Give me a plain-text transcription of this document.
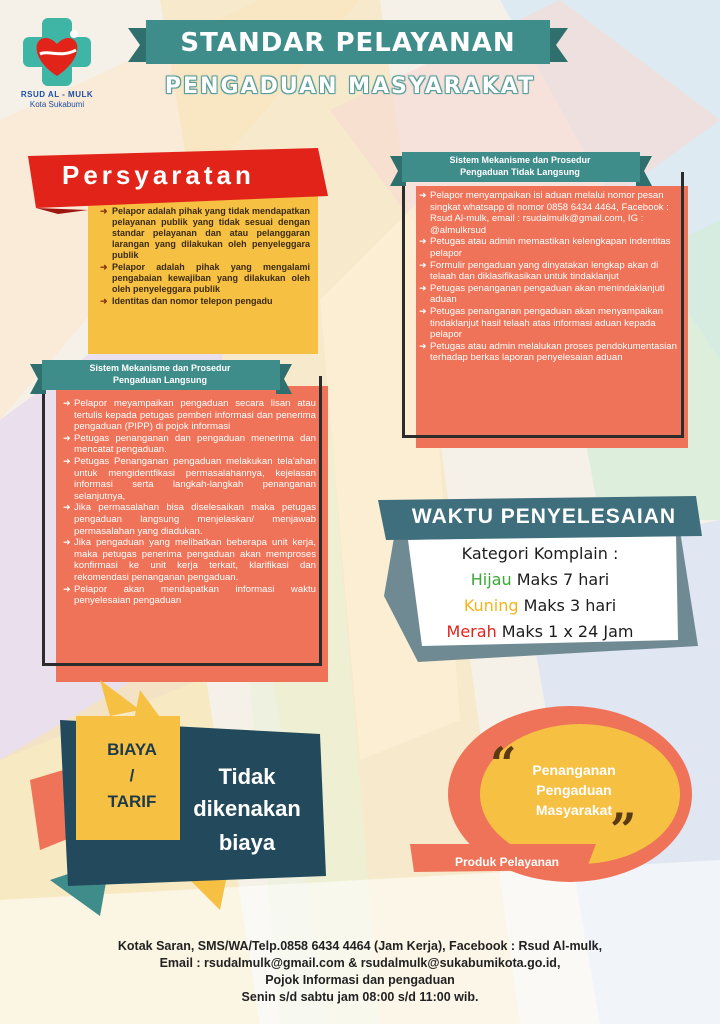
RSUD AL - MULK
Kota Sukabumi
STANDAR PELAYANAN
PENGADUAN MASYARAKAT
Persyaratan
➜ Pelapor adalah pihak yang tidak mendapatkan pelayanan publik yang tidak sesuai dengan standar pelayanan dan atau pelanggaran larangan yang dilakukan oleh penyeleggara publik
➜ Pelapor adalah pihak yang mengalami pengabaian kewajiban yang dilakukan oleh oleh penyeleggara publik
➜ Identitas dan nomor telepon pengadu
Sistem Mekanisme dan Prosedur
Pengaduan Tidak Langsung
➜ Pelapor menyampaikan isi aduan melalui nomor pesan singkat whatsapp di nomor 0858 6434 4464, Facebook : Rsud Al-mulk, email : rsudalmulk@gmail.com, IG : @almulkrsud
➜ Petugas atau admin memastikan kelengkapan indentitas pelapor
➜ Formulir pengaduan yang dinyatakan lengkap akan di telaah dan diklasifikasikan untuk tindaklanjut
➜ Petugas penanganan pengaduan akan menindaklanjuti aduan
➜ Petugas penanganan pengaduan akan menyampaikan tindaklanjut hasil telaah atas informasi aduan kepada pelapor
➜ Petugas atau admin melalukan proses pendokumentasian terhadap berkas laporan penyelesaian aduan
Sistem Mekanisme dan Prosedur
Pengaduan Langsung
➜ Pelapor meyampaikan pengaduan secara lisan atau tertulis kepada petugas pemberi informasi dan penerima pengaduan (PIPP) di pojok informasi
➜ Petugas penanganan dan pengaduan menerima dan mencatat pengaduan.
➜ Petugas Penanganan pengaduan melakukan tela'ahan untuk mengidentfikasi permasalahannya, kejelasan informasi serta langkah-langkah penanganan selanjutnya,
➜ Jika permasalahan bisa diselesaikan maka petugas pengaduan langsung menjelaskan/ menjawab permasalahan yang diadukan.
➜ Jika pengaduan yang melibatkan beberapa unit kerja, maka petugas penerima pengaduan akan memproses konfirmasi ke unit kerja terkait, klarifikasi dan rekomendasi penanganan pengaduan.
➜ Pelapor akan mendapatkan informasi waktu penyelesaian pengaduan
WAKTU PENYELESAIAN
Kategori Komplain :
Hijau Maks 7 hari
Kuning Maks 3 hari
Merah Maks 1 x 24 Jam
BIAYA
/
TARIF
Tidak
dikenakan
biaya
“
”
Penanganan
Pengaduan
Masyarakat
Produk Pelayanan
Kotak Saran, SMS/WA/Telp.0858 6434 4464 (Jam Kerja), Facebook : Rsud Al-mulk,
Email : rsudalmulk@gmail.com & rsudalmulk@sukabumikota.go.id,
Pojok Informasi dan pengaduan
Senin s/d sabtu jam 08:00 s/d 11:00 wib.
